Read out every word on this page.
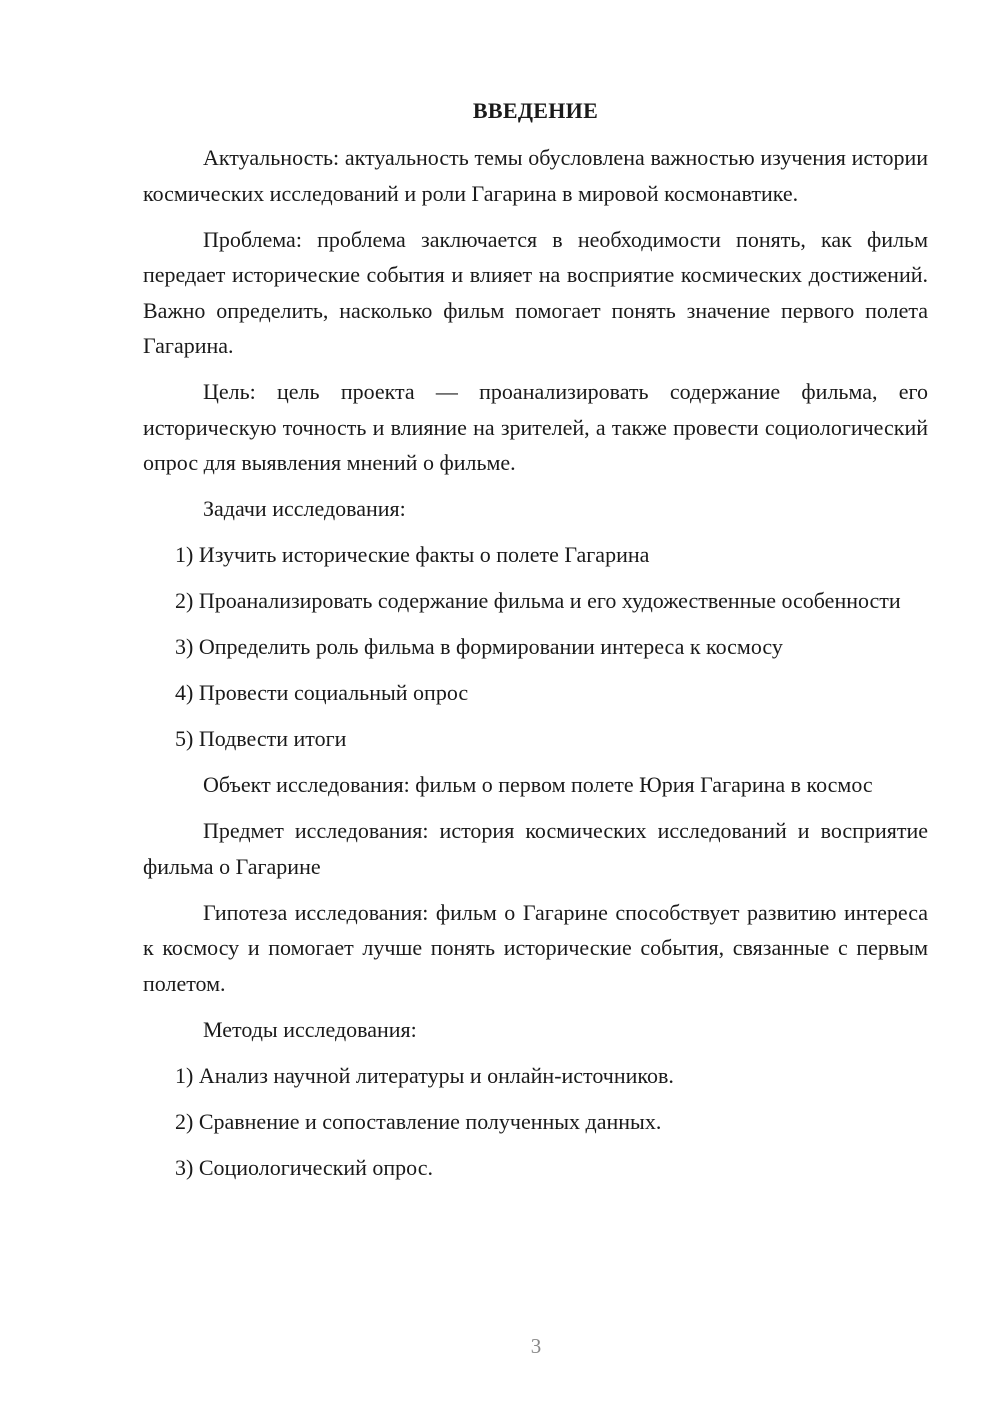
ВВЕДЕНИЕ

Актуальность: актуальность темы обусловлена важностью изучения истории космических исследований и роли Гагарина в мировой космонавтике.

Проблема: проблема заключается в необходимости понять, как фильм передает исторические события и влияет на восприятие космических достижений. Важно определить, насколько фильм помогает понять значение первого полета Гагарина.

Цель: цель проекта — проанализировать содержание фильма, его историческую точность и влияние на зрителей, а также провести социологический опрос для выявления мнений о фильме.

Задачи исследования:

1) Изучить исторические факты о полете Гагарина

2) Проанализировать содержание фильма и его художественные особенности

3) Определить роль фильма в формировании интереса к космосу

4) Провести социальный опрос

5) Подвести итоги

Объект исследования: фильм о первом полете Юрия Гагарина в космос

Предмет исследования: история космических исследований и восприятие фильма о Гагарине

Гипотеза исследования: фильм о Гагарине способствует развитию интереса к космосу и помогает лучше понять исторические события, связанные с первым полетом.

Методы исследования:

1) Анализ научной литературы и онлайн-источников.

2) Сравнение и сопоставление полученных данных.

3) Социологический опрос.

3
